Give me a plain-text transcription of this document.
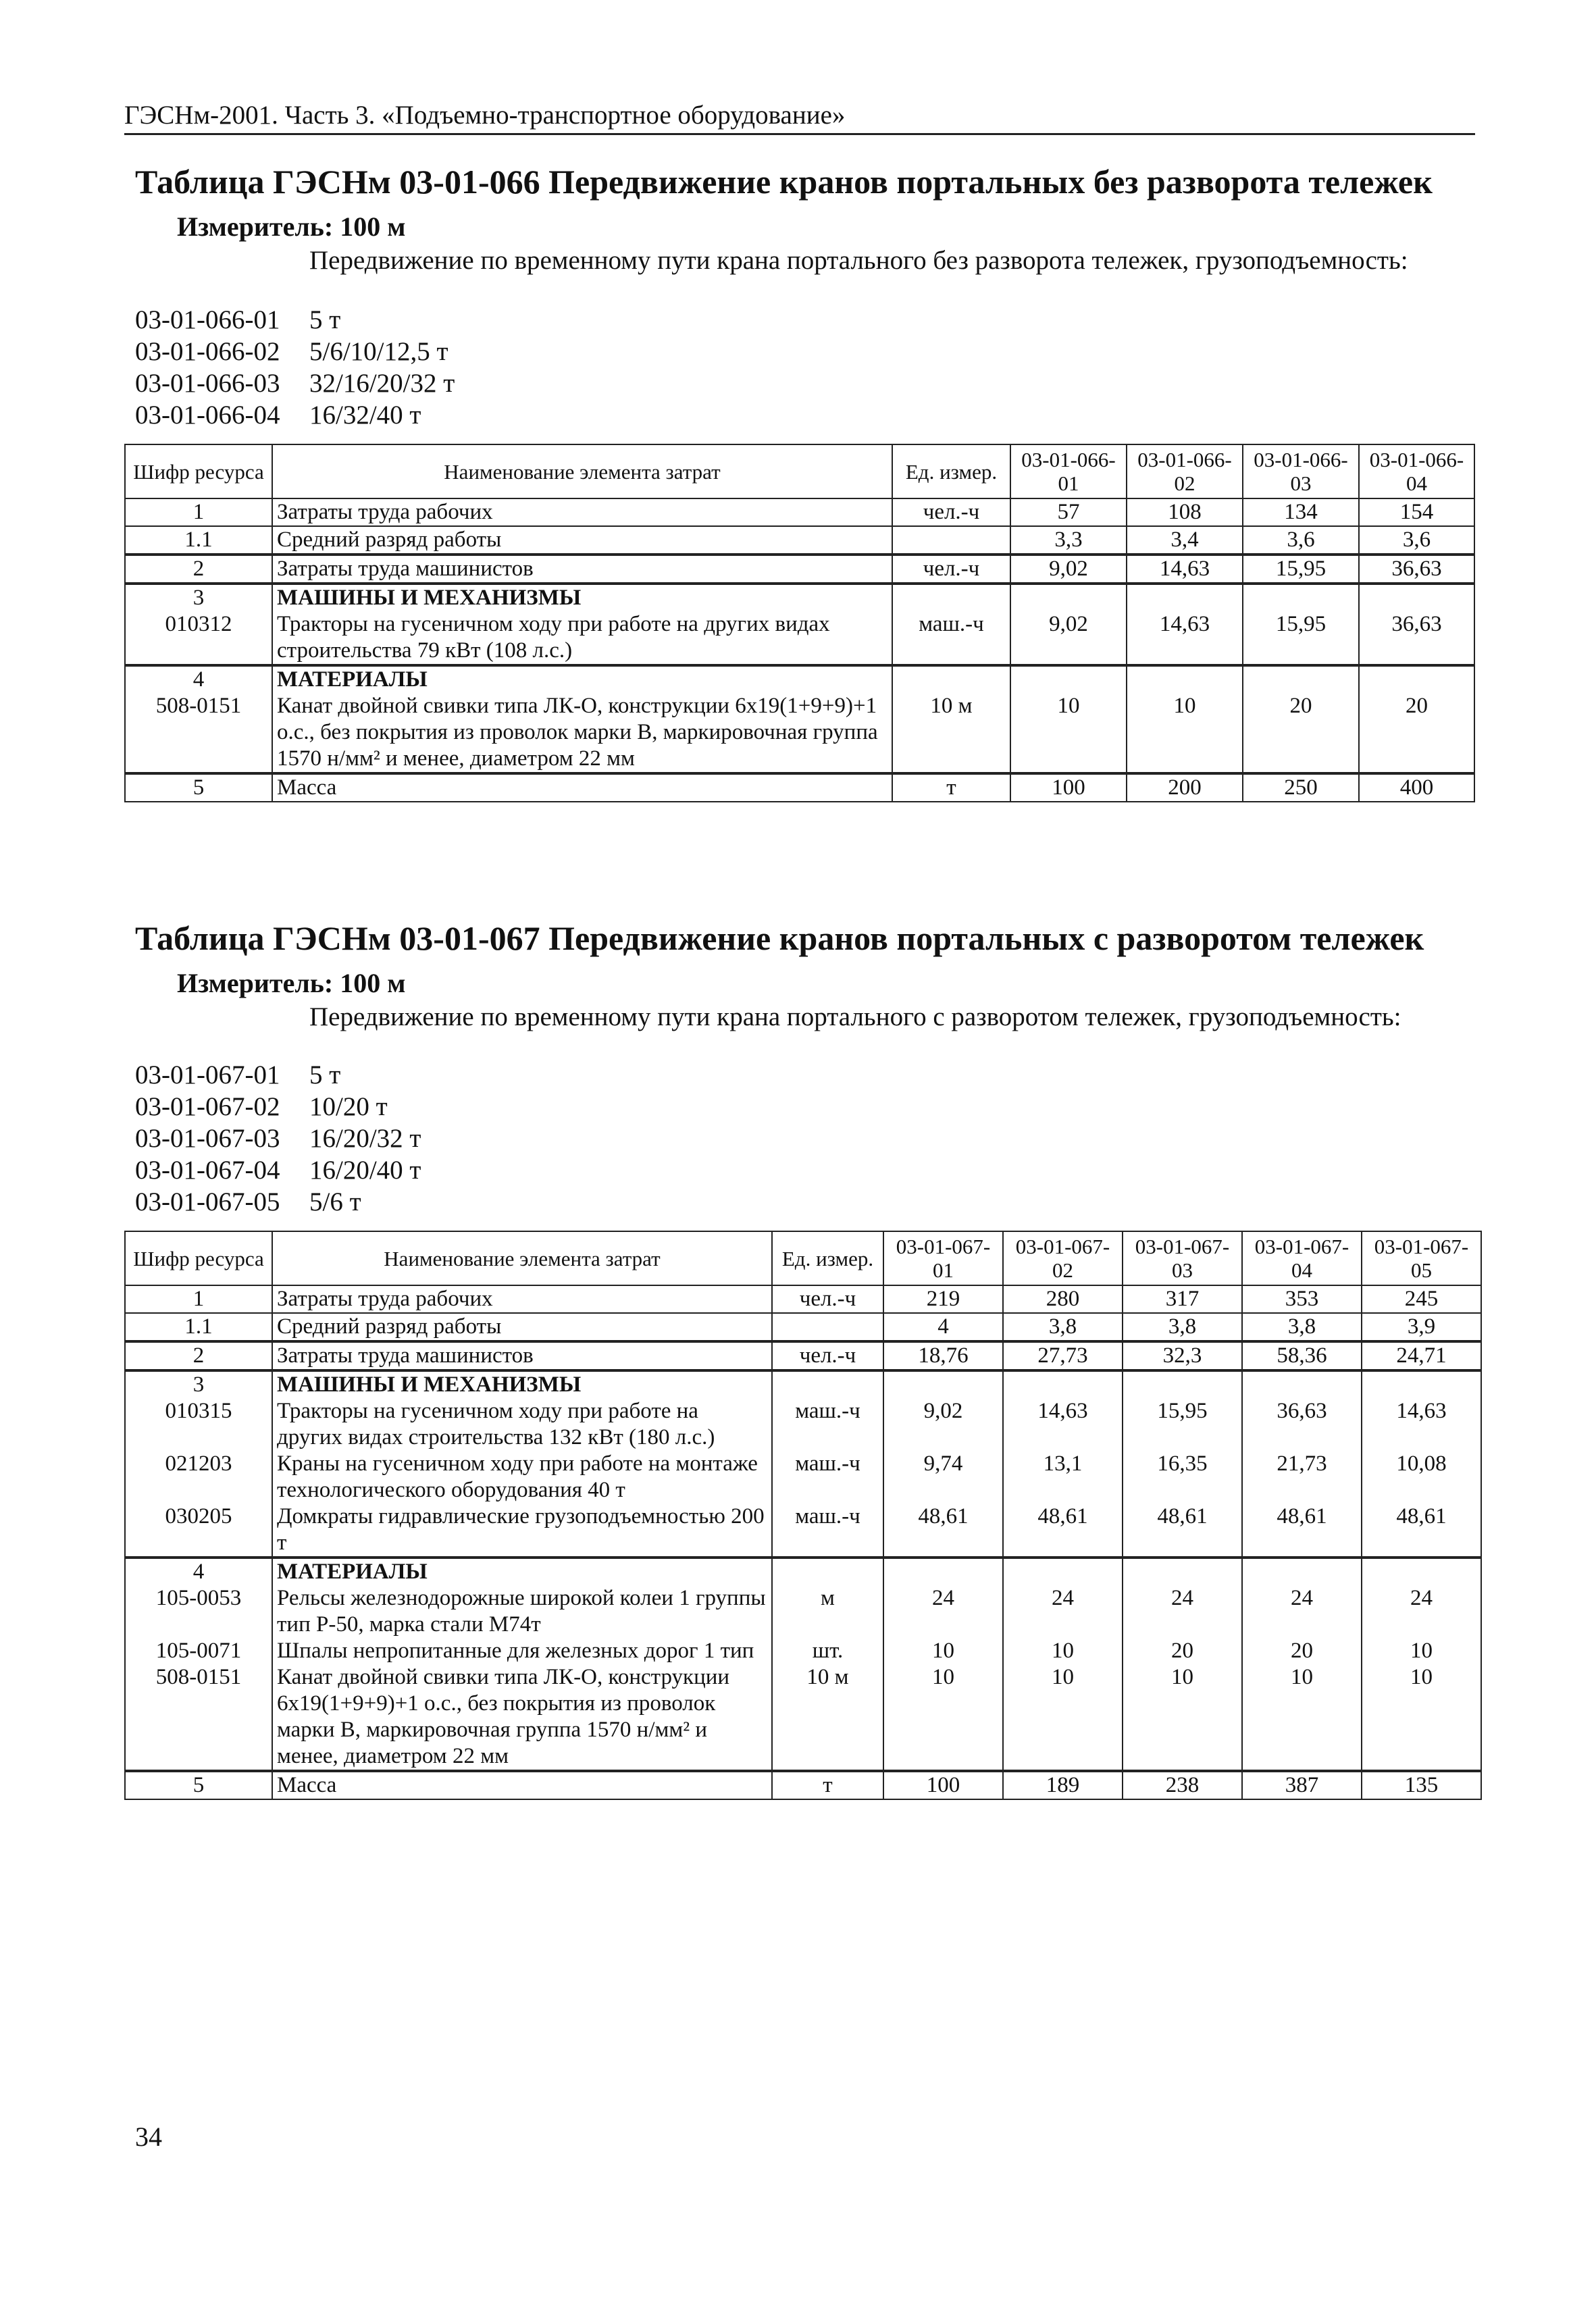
ГЭСНм-2001. Часть 3. «Подъемно-транспортное оборудование»
Таблица ГЭСНм 03-01-066 Передвижение кранов портальных без разворота тележек
Измеритель: 100 м
Передвижение по временному пути крана портального без разворота тележек, грузоподъемность:
03-01-066-01	5 т
03-01-066-02	5/6/10/12,5 т
03-01-066-03	32/16/20/32 т
03-01-066-04	16/32/40 т
Шифр ресурса	Наименование элемента затрат	Ед. измер.	03-01-066-01	03-01-066-02	03-01-066-03	03-01-066-04
1	Затраты труда рабочих	чел.-ч	57	108	134	154
1.1	Средний разряд работы		3,3	3,4	3,6	3,6
2	Затраты труда машинистов	чел.-ч	9,02	14,63	15,95	36,63
3	МАШИНЫ И МЕХАНИЗМЫ					
010312	Тракторы на гусеничном ходу при работе на других видах строительства 79 кВт (108 л.с.)	маш.-ч	9,02	14,63	15,95	36,63
4	МАТЕРИАЛЫ					
508-0151	Канат двойной свивки типа ЛК-О, конструкции 6х19(1+9+9)+1 о.с., без покрытия из проволок марки В, маркировочная группа 1570 н/мм² и менее, диаметром 22 мм	10 м	10	10	20	20
5	Масса	т	100	200	250	400
Таблица ГЭСНм 03-01-067 Передвижение кранов портальных с разворотом тележек
Измеритель: 100 м
Передвижение по временному пути крана портального с разворотом тележек, грузоподъемность:
03-01-067-01	5 т
03-01-067-02	10/20 т
03-01-067-03	16/20/32 т
03-01-067-04	16/20/40 т
03-01-067-05	5/6 т
Шифр ресурса	Наименование элемента затрат	Ед. измер.	03-01-067-01	03-01-067-02	03-01-067-03	03-01-067-04	03-01-067-05
1	Затраты труда рабочих	чел.-ч	219	280	317	353	245
1.1	Средний разряд работы		4	3,8	3,8	3,8	3,9
2	Затраты труда машинистов	чел.-ч	18,76	27,73	32,3	58,36	24,71
3	МАШИНЫ И МЕХАНИЗМЫ						
010315	Тракторы на гусеничном ходу при работе на других видах строительства 132 кВт (180 л.с.)	маш.-ч	9,02	14,63	15,95	36,63	14,63
021203	Краны на гусеничном ходу при работе на монтаже технологического оборудования 40 т	маш.-ч	9,74	13,1	16,35	21,73	10,08
030205	Домкраты гидравлические грузоподъемностью 200 т	маш.-ч	48,61	48,61	48,61	48,61	48,61
4	МАТЕРИАЛЫ						
105-0053	Рельсы железнодорожные широкой колеи 1 группы тип Р-50, марка стали М74т	м	24	24	24	24	24
105-0071	Шпалы непропитанные для железных дорог 1 тип	шт.	10	10	20	20	10
508-0151	Канат двойной свивки типа ЛК-О, конструкции 6х19(1+9+9)+1 о.с., без покрытия из проволок марки В, маркировочная группа 1570 н/мм² и менее, диаметром 22 мм	10 м	10	10	10	10	10
5	Масса	т	100	189	238	387	135
34
